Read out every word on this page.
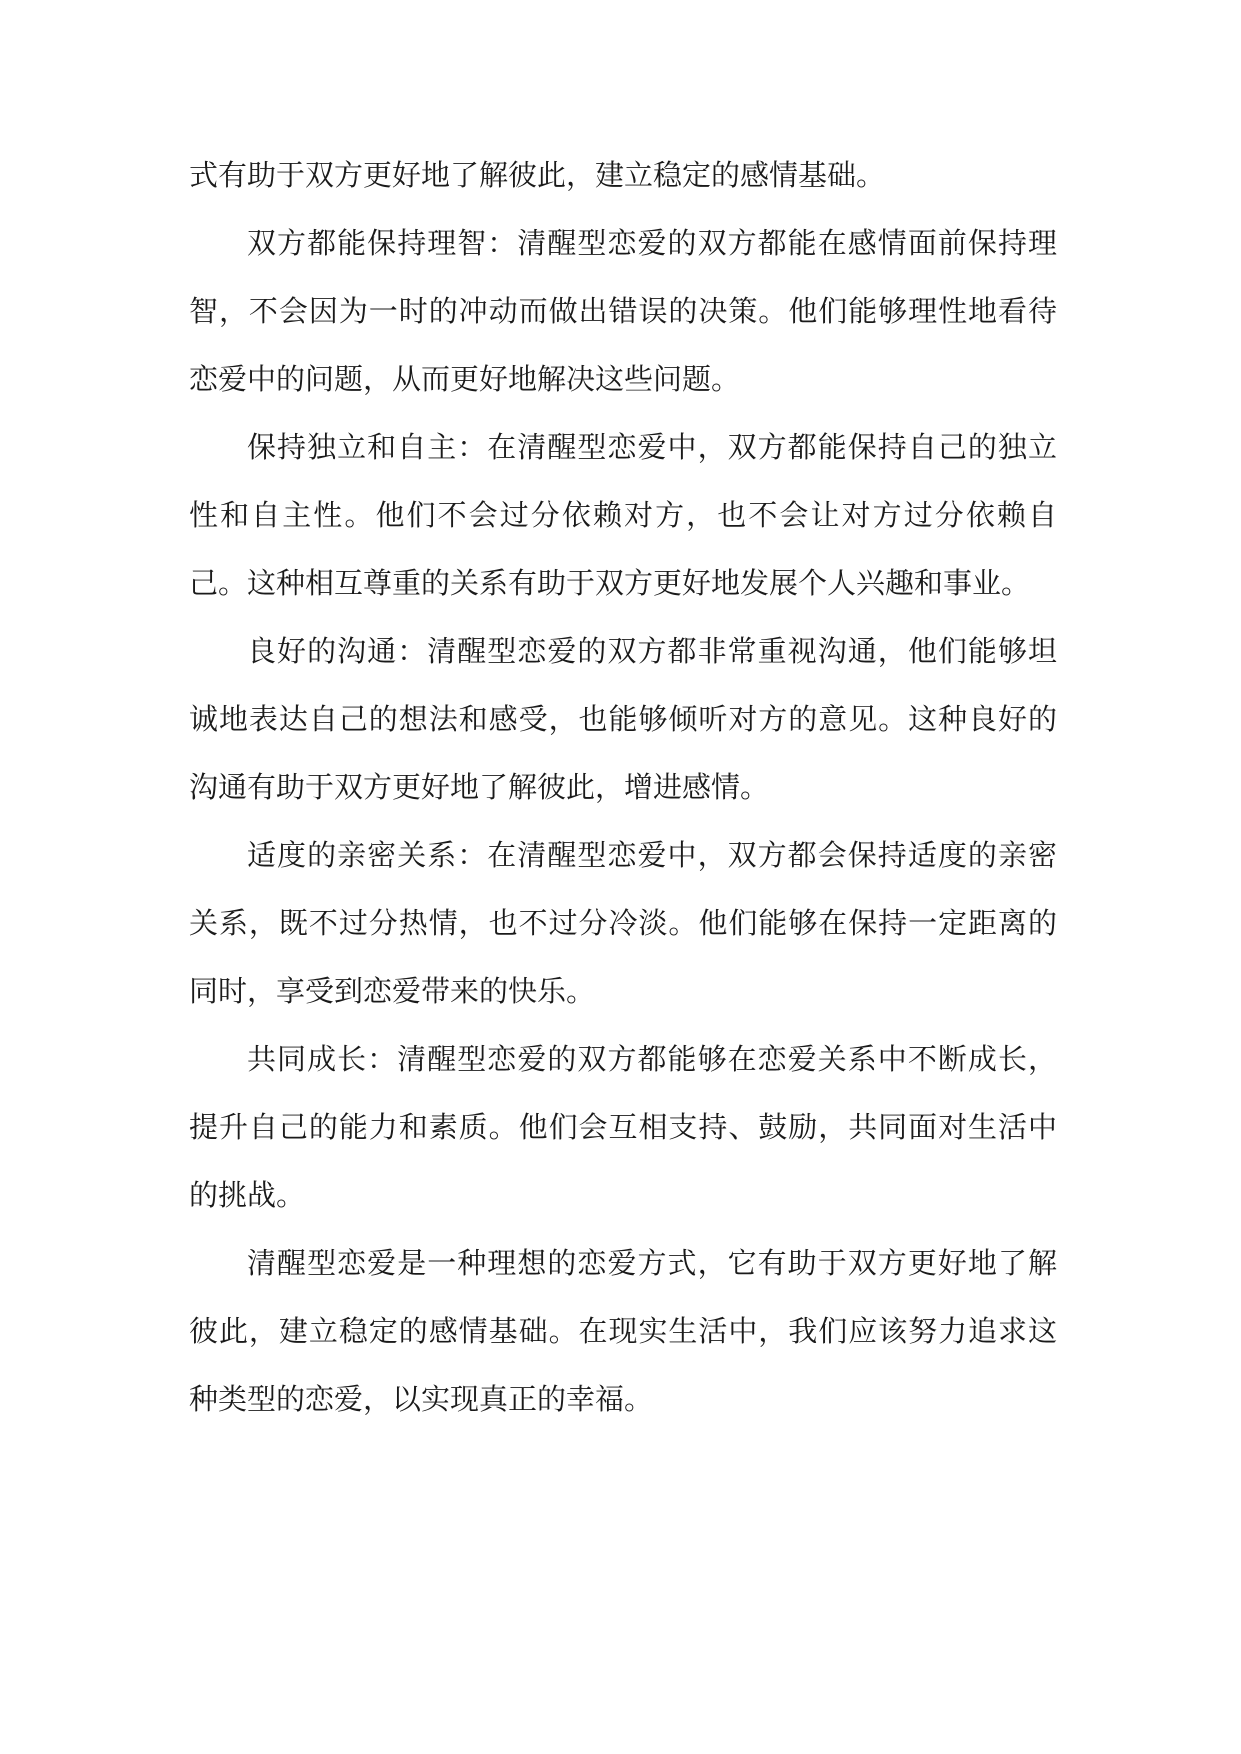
式有助于双方更好地了解彼此，建立稳定的感情基础。

双方都能保持理智：清醒型恋爱的双方都能在感情面前保持理智，不会因为一时的冲动而做出错误的决策。他们能够理性地看待恋爱中的问题，从而更好地解决这些问题。

保持独立和自主：在清醒型恋爱中，双方都能保持自己的独立性和自主性。他们不会过分依赖对方，也不会让对方过分依赖自己。这种相互尊重的关系有助于双方更好地发展个人兴趣和事业。

良好的沟通：清醒型恋爱的双方都非常重视沟通，他们能够坦诚地表达自己的想法和感受，也能够倾听对方的意见。这种良好的沟通有助于双方更好地了解彼此，增进感情。

适度的亲密关系：在清醒型恋爱中，双方都会保持适度的亲密关系，既不过分热情，也不过分冷淡。他们能够在保持一定距离的同时，享受到恋爱带来的快乐。

共同成长：清醒型恋爱的双方都能够在恋爱关系中不断成长，提升自己的能力和素质。他们会互相支持、鼓励，共同面对生活中的挑战。

清醒型恋爱是一种理想的恋爱方式，它有助于双方更好地了解彼此，建立稳定的感情基础。在现实生活中，我们应该努力追求这种类型的恋爱，以实现真正的幸福。
